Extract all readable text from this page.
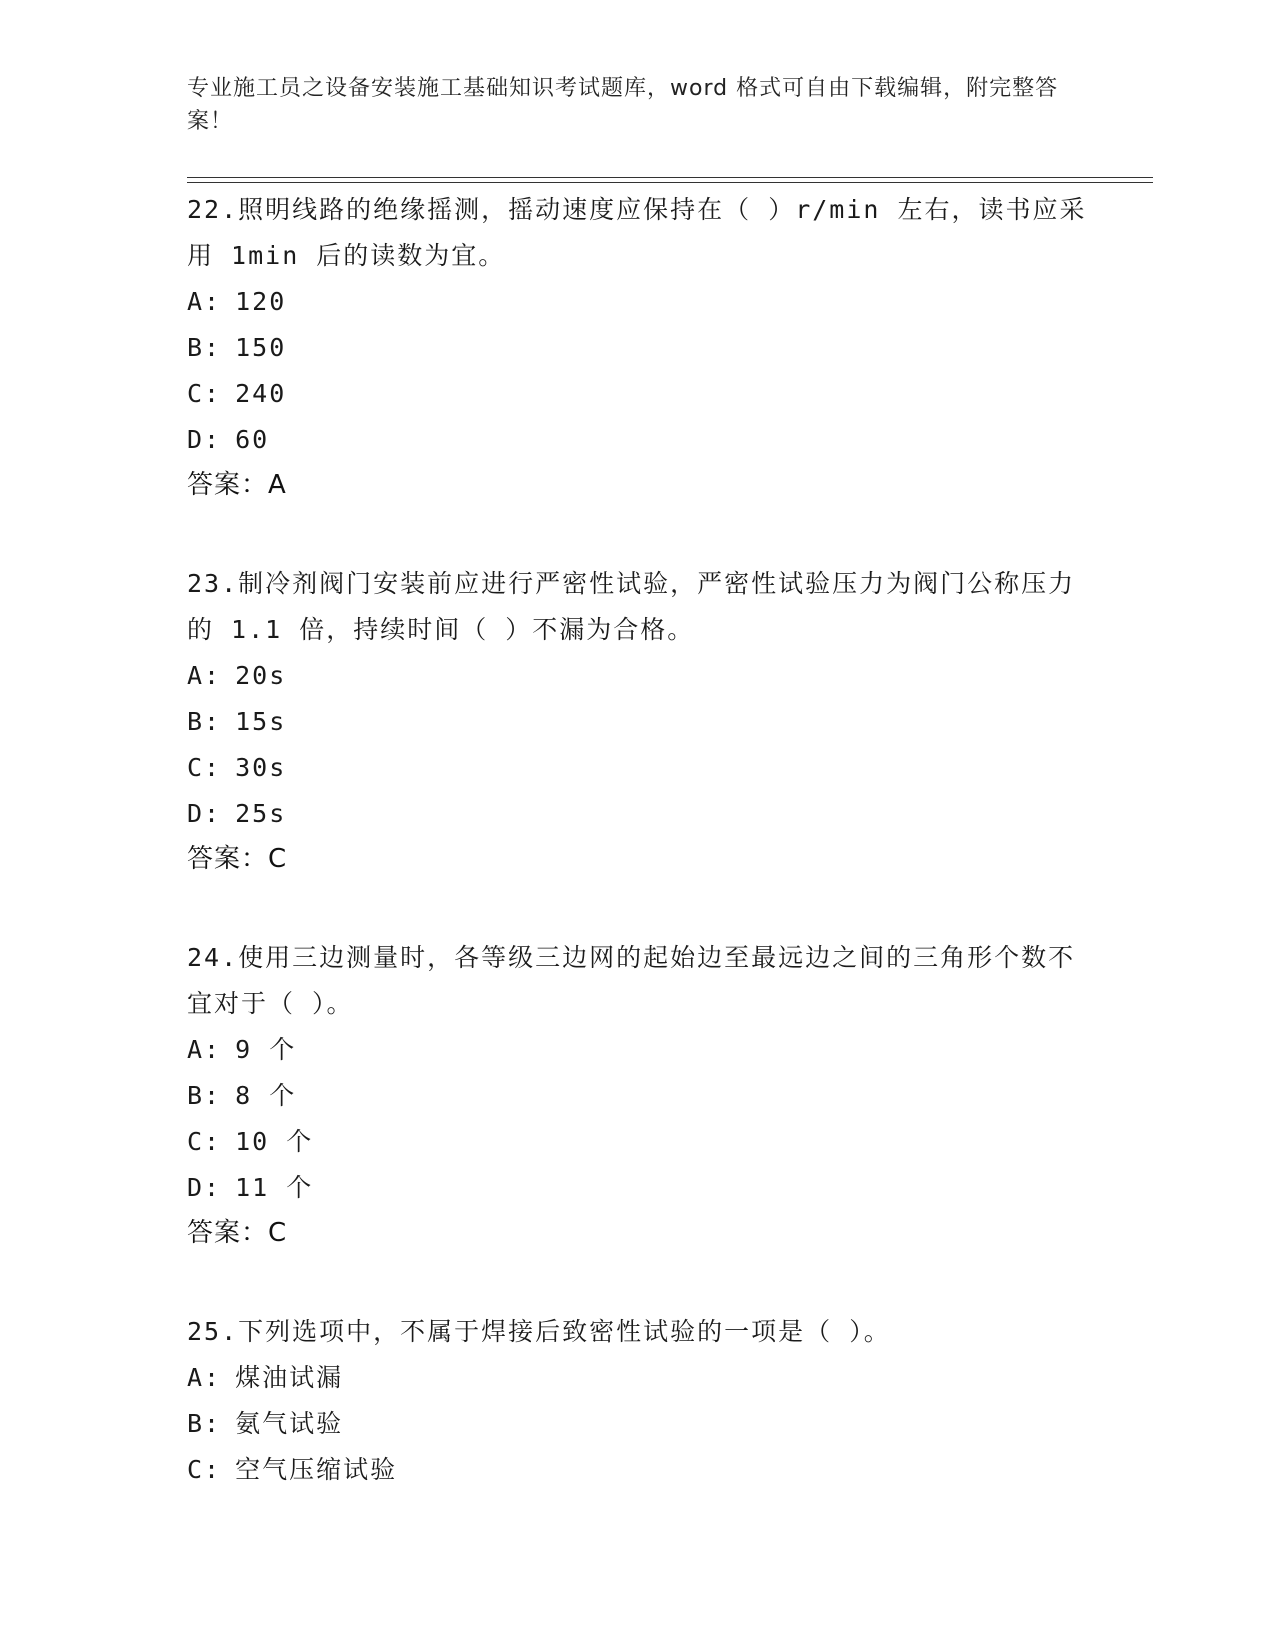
专业施工员之设备安装施工基础知识考试题库，word 格式可自由下载编辑，附完整答案！

22.照明线路的绝缘摇测，摇动速度应保持在（ ）r/min 左右，读书应采用 1min 后的读数为宜。

A: 120
B: 150
C: 240
D: 60
答案：A

23.制冷剂阀门安装前应进行严密性试验，严密性试验压力为阀门公称压力的 1.1 倍，持续时间（ ）不漏为合格。

A: 20s
B: 15s
C: 30s
D: 25s
答案：C

24.使用三边测量时，各等级三边网的起始边至最远边之间的三角形个数不宜对于（ ）。

A: 9 个
B: 8 个
C: 10 个
D: 11 个
答案：C

25.下列选项中，不属于焊接后致密性试验的一项是（ ）。

A: 煤油试漏
B: 氨气试验
C: 空气压缩试验
